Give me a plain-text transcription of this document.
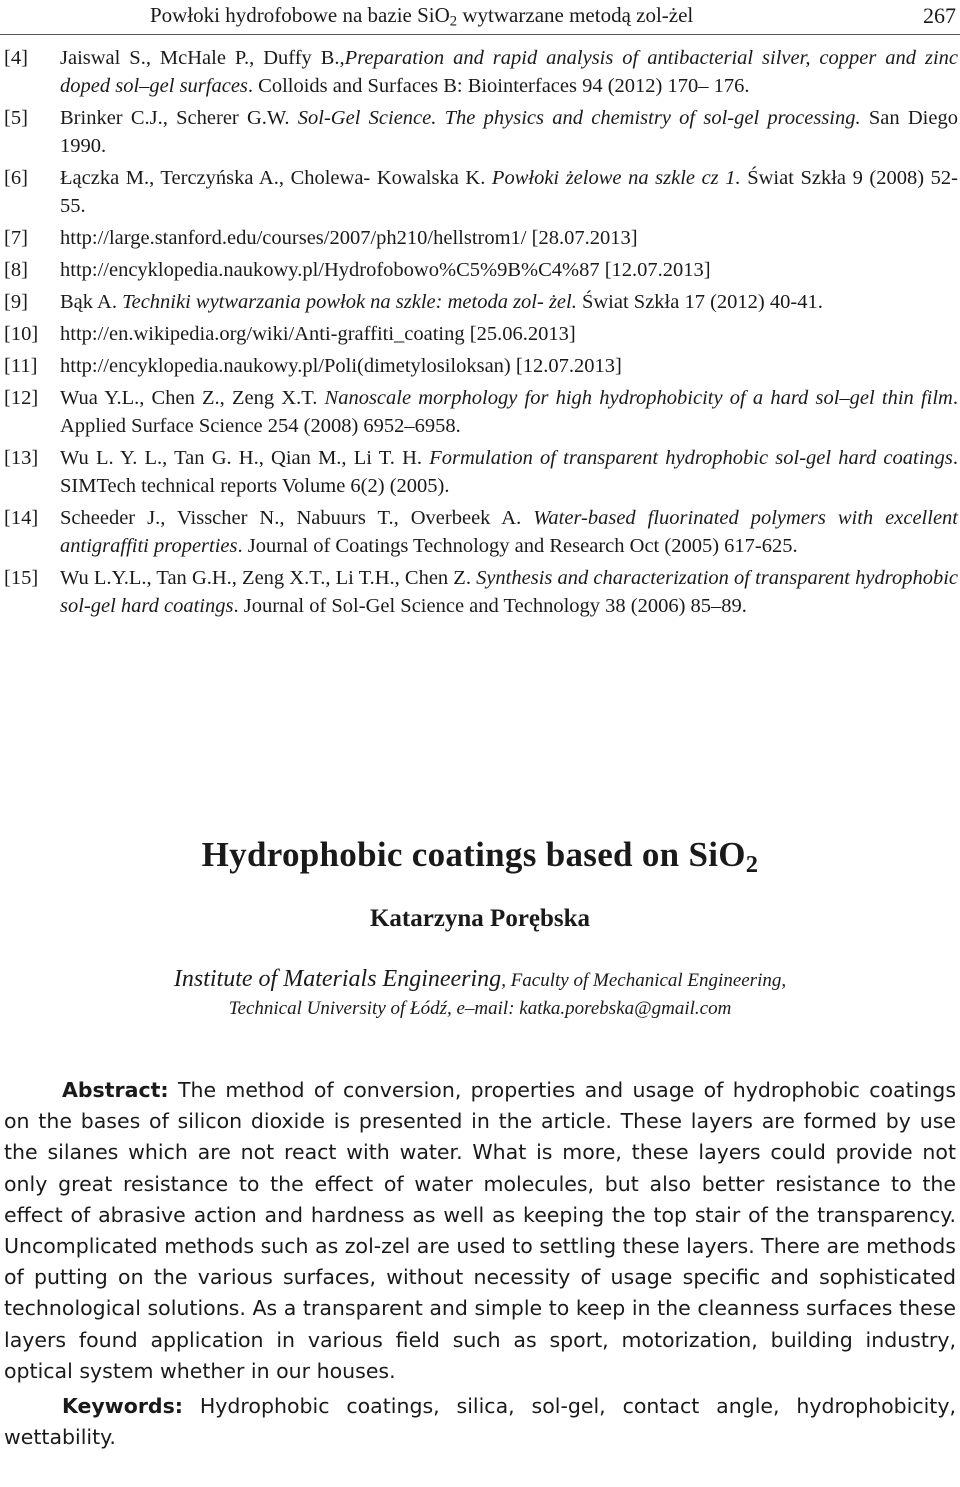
Powłoki hydrofobowe na bazie SiO$_2$ wytwarzane metodą zol-żel	267
[4] Jaiswal S., McHale P., Duffy B.,Preparation and rapid analysis of antibacterial silver, copper and zinc doped sol–gel surfaces. Colloids and Surfaces B: Biointerfaces 94 (2012) 170– 176.
[5] Brinker C.J., Scherer G.W. Sol-Gel Science. The physics and chemistry of sol-gel processing. San Diego 1990.
[6] Łączka M., Terczyńska A., Cholewa- Kowalska K. Powłoki żelowe na szkle cz 1. Świat Szkła 9 (2008) 52-55.
[7] http://large.stanford.edu/courses/2007/ph210/hellstrom1/ [28.07.2013]
[8] http://encyklopedia.naukowy.pl/Hydrofobowo%C5%9B%C4%87 [12.07.2013]
[9] Bąk A. Techniki wytwarzania powłok na szkle: metoda zol- żel. Świat Szkła 17 (2012) 40-41.
[10] http://en.wikipedia.org/wiki/Anti-graffiti_coating [25.06.2013]
[11] http://encyklopedia.naukowy.pl/Poli(dimetylosiloksan) [12.07.2013]
[12] Wua Y.L., Chen Z., Zeng X.T. Nanoscale morphology for high hydrophobicity of a hard sol–gel thin film. Applied Surface Science 254 (2008) 6952–6958.
[13] Wu L. Y. L., Tan G. H., Qian M., Li T. H. Formulation of transparent hydrophobic sol-gel hard coatings. SIMTech technical reports Volume 6(2) (2005).
[14] Scheeder J., Visscher N., Nabuurs T., Overbeek A. Water-based fluorinated polymers with excellent antigraffiti properties. Journal of Coatings Technology and Research Oct (2005) 617-625.
[15] Wu L.Y.L., Tan G.H., Zeng X.T., Li T.H., Chen Z. Synthesis and characterization of transparent hydrophobic sol-gel hard coatings. Journal of Sol-Gel Science and Technology 38 (2006) 85–89.
Hydrophobic coatings based on SiO$_2$
Katarzyna Porębska
Institute of Materials Engineering, Faculty of Mechanical Engineering,
Technical University of Łódź, e–mail: katka.porebska@gmail.com

Abstract: The method of conversion, properties and usage of hydrophobic coatings on the bases of silicon dioxide is presented in the article. These layers are formed by use the silanes which are not react with water. What is more, these layers could provide not only great resistance to the effect of water molecules, but also better resistance to the effect of abrasive action and hardness as well as keeping the top stair of the transparency. Uncomplicated methods such as zol-zel are used to settling these layers. There are methods of putting on the various surfaces, without necessity of usage specific and sophisticated technological solutions. As a transparent and simple to keep in the cleanness surfaces these layers found application in various field such as sport, motorization, building industry, optical system whether in our houses.

Keywords: Hydrophobic coatings, silica, sol-gel, contact angle, hydrophobicity, wettability.
